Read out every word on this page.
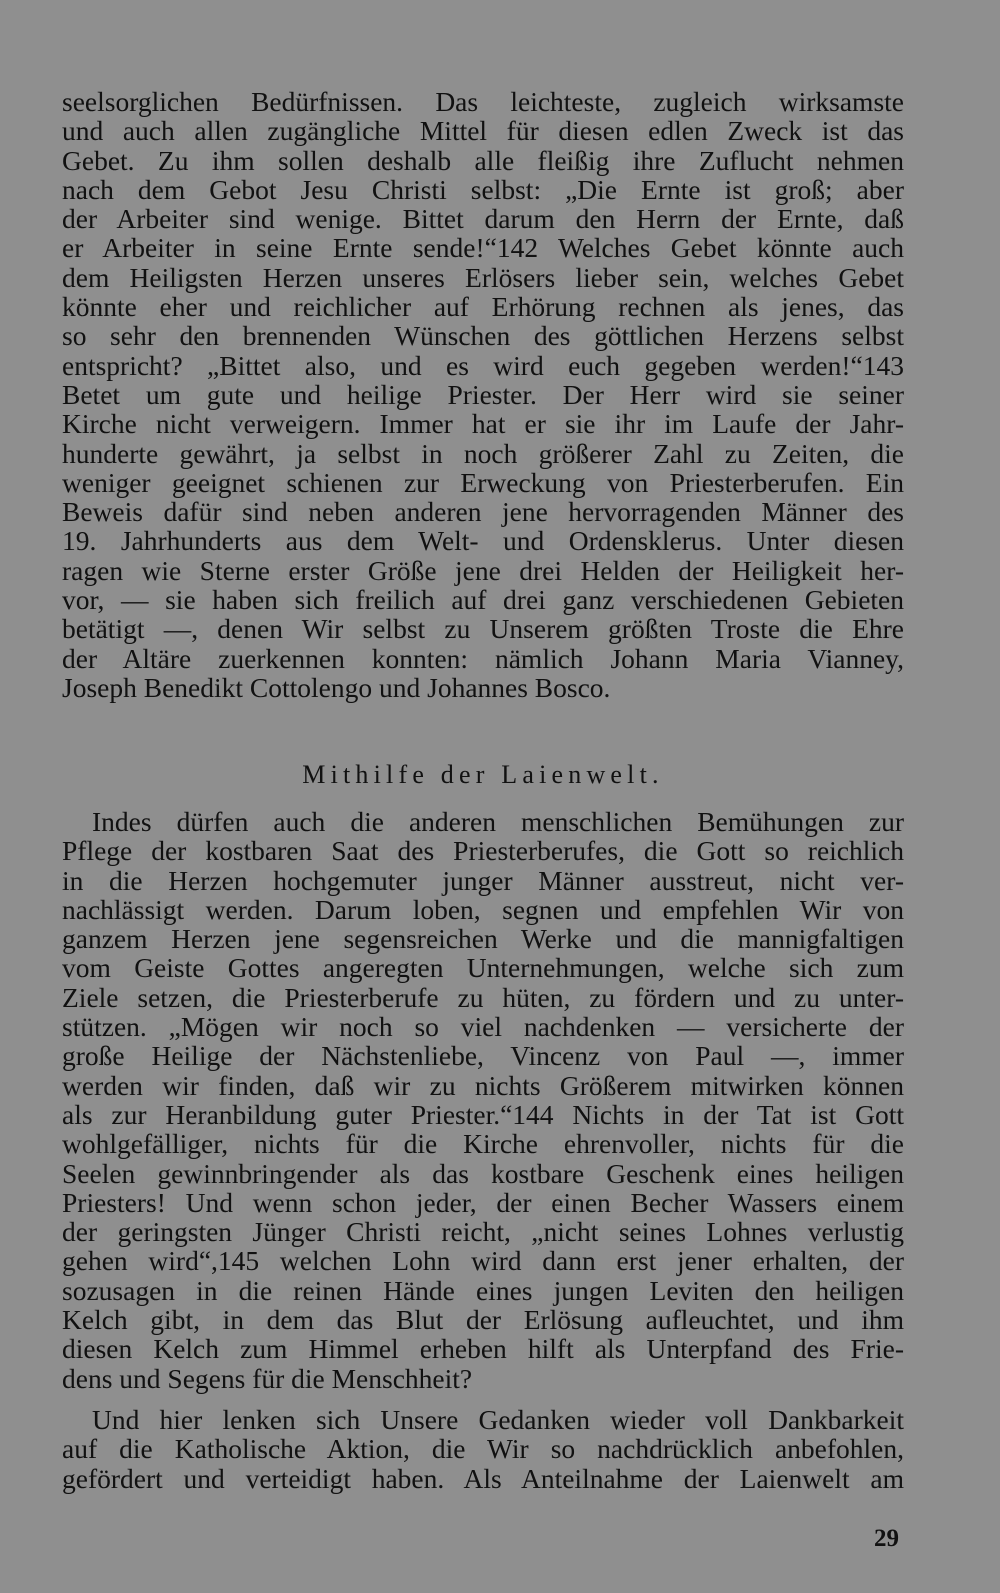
seelsorglichen Bedürfnissen. Das leichteste, zugleich wirksamste
und auch allen zugängliche Mittel für diesen edlen Zweck ist das
Gebet. Zu ihm sollen deshalb alle fleißig ihre Zuflucht nehmen
nach dem Gebot Jesu Christi selbst: „Die Ernte ist groß; aber
der Arbeiter sind wenige. Bittet darum den Herrn der Ernte, daß
er Arbeiter in seine Ernte sende!“142 Welches Gebet könnte auch
dem Heiligsten Herzen unseres Erlösers lieber sein, welches Gebet
könnte eher und reichlicher auf Erhörung rechnen als jenes, das
so sehr den brennenden Wünschen des göttlichen Herzens selbst
entspricht? „Bittet also, und es wird euch gegeben werden!“143
Betet um gute und heilige Priester. Der Herr wird sie seiner
Kirche nicht verweigern. Immer hat er sie ihr im Laufe der Jahr-
hunderte gewährt, ja selbst in noch größerer Zahl zu Zeiten, die
weniger geeignet schienen zur Erweckung von Priesterberufen. Ein
Beweis dafür sind neben anderen jene hervorragenden Männer des
19. Jahrhunderts aus dem Welt- und Ordensklerus. Unter diesen
ragen wie Sterne erster Größe jene drei Helden der Heiligkeit her-
vor, — sie haben sich freilich auf drei ganz verschiedenen Gebieten
betätigt —, denen Wir selbst zu Unserem größten Troste die Ehre
der Altäre zuerkennen konnten: nämlich Johann Maria Vianney,
Joseph Benedikt Cottolengo und Johannes Bosco.
Mithilfe der Laienwelt.
Indes dürfen auch die anderen menschlichen Bemühungen zur
Pflege der kostbaren Saat des Priesterberufes, die Gott so reichlich
in die Herzen hochgemuter junger Männer ausstreut, nicht ver-
nachlässigt werden. Darum loben, segnen und empfehlen Wir von
ganzem Herzen jene segensreichen Werke und die mannigfaltigen
vom Geiste Gottes angeregten Unternehmungen, welche sich zum
Ziele setzen, die Priesterberufe zu hüten, zu fördern und zu unter-
stützen. „Mögen wir noch so viel nachdenken — versicherte der
große Heilige der Nächstenliebe, Vincenz von Paul —, immer
werden wir finden, daß wir zu nichts Größerem mitwirken können
als zur Heranbildung guter Priester.“144 Nichts in der Tat ist Gott
wohlgefälliger, nichts für die Kirche ehrenvoller, nichts für die
Seelen gewinnbringender als das kostbare Geschenk eines heiligen
Priesters! Und wenn schon jeder, der einen Becher Wassers einem
der geringsten Jünger Christi reicht, „nicht seines Lohnes verlustig
gehen wird“,145 welchen Lohn wird dann erst jener erhalten, der
sozusagen in die reinen Hände eines jungen Leviten den heiligen
Kelch gibt, in dem das Blut der Erlösung aufleuchtet, und ihm
diesen Kelch zum Himmel erheben hilft als Unterpfand des Frie-
dens und Segens für die Menschheit?
Und hier lenken sich Unsere Gedanken wieder voll Dankbarkeit
auf die Katholische Aktion, die Wir so nachdrücklich anbefohlen,
gefördert und verteidigt haben. Als Anteilnahme der Laienwelt am
29
